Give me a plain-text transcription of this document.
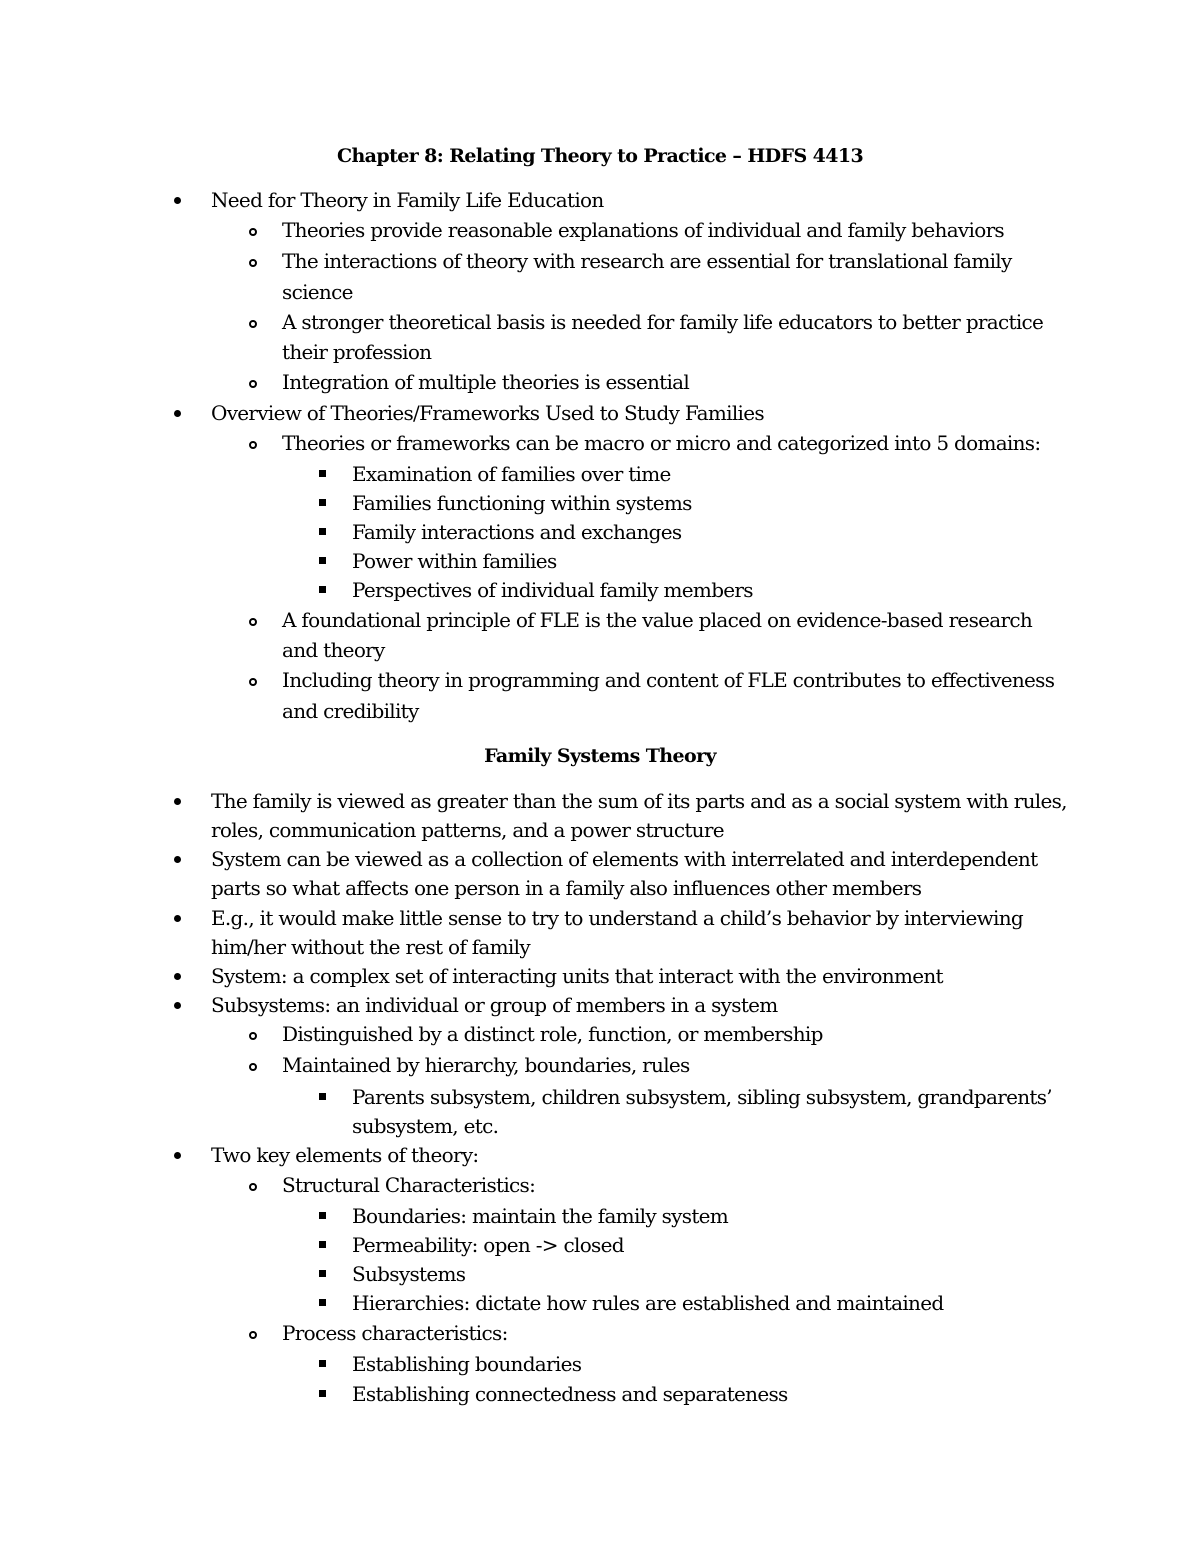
Chapter 8: Relating Theory to Practice – HDFS 4413
Need for Theory in Family Life Education
Theories provide reasonable explanations of individual and family behaviors
The interactions of theory with research are essential for translational family
science
A stronger theoretical basis is needed for family life educators to better practice
their profession
Integration of multiple theories is essential
Overview of Theories/Frameworks Used to Study Families
Theories or frameworks can be macro or micro and categorized into 5 domains:
Examination of families over time
Families functioning within systems
Family interactions and exchanges
Power within families
Perspectives of individual family members
A foundational principle of FLE is the value placed on evidence-based research
and theory
Including theory in programming and content of FLE contributes to effectiveness
and credibility
Family Systems Theory
The family is viewed as greater than the sum of its parts and as a social system with rules,
roles, communication patterns, and a power structure
System can be viewed as a collection of elements with interrelated and interdependent
parts so what affects one person in a family also influences other members
E.g., it would make little sense to try to understand a child’s behavior by interviewing
him/her without the rest of family
System: a complex set of interacting units that interact with the environment
Subsystems: an individual or group of members in a system
Distinguished by a distinct role, function, or membership
Maintained by hierarchy, boundaries, rules
Parents subsystem, children subsystem, sibling subsystem, grandparents’
subsystem, etc.
Two key elements of theory:
Structural Characteristics:
Boundaries: maintain the family system
Permeability: open -> closed
Subsystems
Hierarchies: dictate how rules are established and maintained
Process characteristics:
Establishing boundaries
Establishing connectedness and separateness
